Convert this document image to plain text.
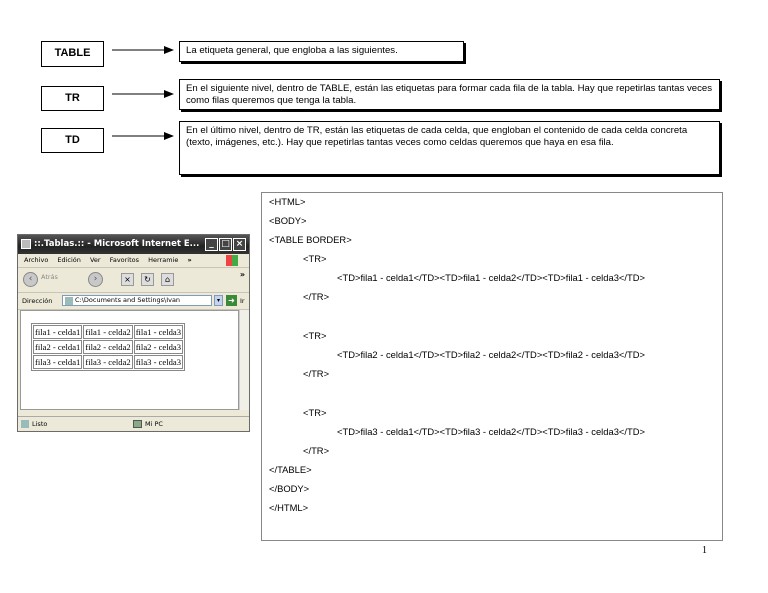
TABLE	La etiqueta general, que engloba a las siguientes.
TR
En el siguiente nivel, dentro de TABLE, están las etiquetas para formar cada fila de la tabla. Hay que repetirlas tantas veces como filas queremos que tenga la tabla.
TD
En el último nivel, dentro de TR, están las etiquetas de cada celda, que engloban el contenido de cada celda concreta (texto, imágenes, etc.). Hay que repetirlas tantas veces como celdas queremos que haya en esa fila.
::.Tablas.:: - Microsoft Internet E...	_ □ ×
Archivo Edición Ver Favoritos Herramie »
‹	Atrás	›	×	↻	⌂
»
Dirección	C:\Documents and Settings\Ivan	▾	➜ Ir
fila1 - celda1	fila1 - celda2	fila1 - celda3
fila2 - celda1	fila2 - celda2	fila2 - celda3
fila3 - celda1	fila3 - celda2	fila3 - celda3
Listo	Mi PC
<HTML>
<BODY>
<TABLE BORDER>
<TR>
<TD>fila1 - celda1</TD><TD>fila1 - celda2</TD><TD>fila1 - celda3</TD>
</TR>
<TR>
<TD>fila2 - celda1</TD><TD>fila2 - celda2</TD><TD>fila2 - celda3</TD>
</TR>
<TR>
<TD>fila3 - celda1</TD><TD>fila3 - celda2</TD><TD>fila3 - celda3</TD>
</TR>
</TABLE>
</BODY>
</HTML>
1
